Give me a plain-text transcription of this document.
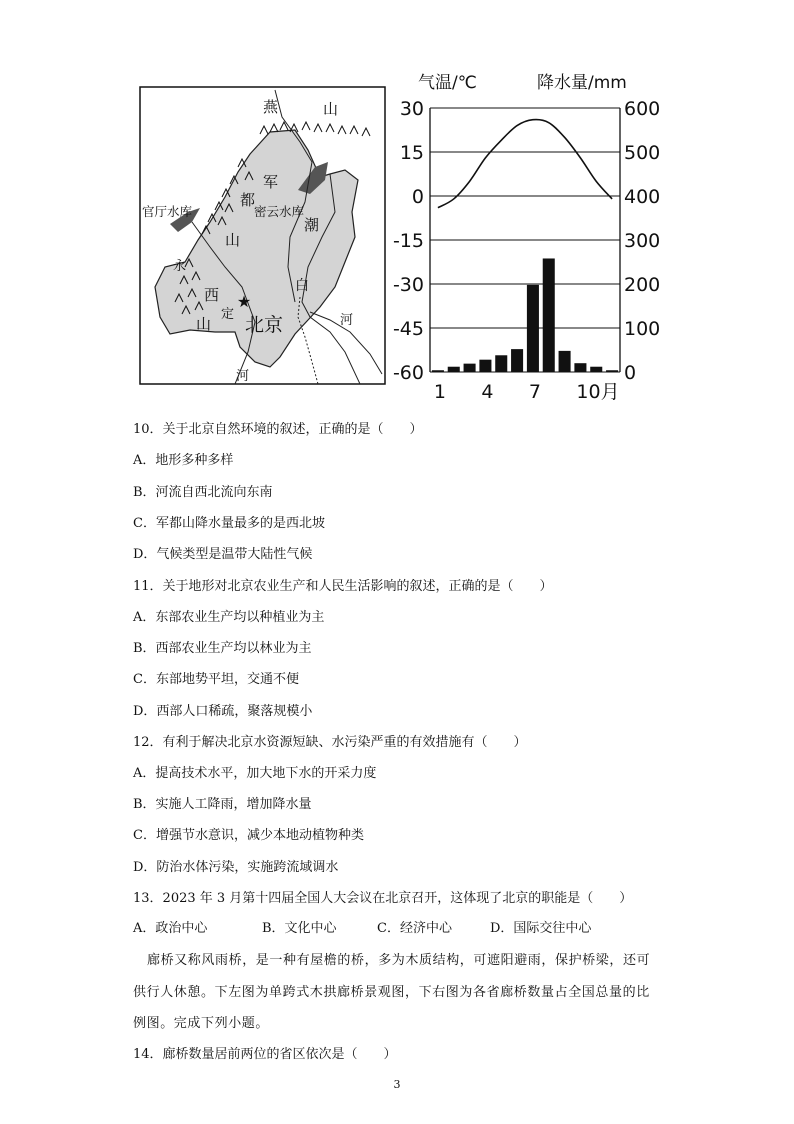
★
燕	山
军
都
山
官厅水库	密云水库
潮
永
西
定
山 北京
白
河
河
气温/℃	降水量/mm
30	600
15	500
0	400
-15	300
-30	200
-45	100
-60	0
1 4 7 10月
10．关于北京自然环境的叙述，正确的是（　　）
A．地形多种多样
B．河流自西北流向东南
C．军都山降水量最多的是西北坡
D．气候类型是温带大陆性气候
11．关于地形对北京农业生产和人民生活影响的叙述，正确的是（　　）
A．东部农业生产均以种植业为主
B．西部农业生产均以林业为主
C．东部地势平坦，交通不便
D．西部人口稀疏，聚落规模小
12．有利于解决北京水资源短缺、水污染严重的有效措施有（　　）
A．提高技术水平，加大地下水的开采力度
B．实施人工降雨，增加降水量
C．增强节水意识，减少本地动植物种类
D．防治水体污染，实施跨流域调水
13．2023 年 3 月第十四届全国人大会议在北京召开，这体现了北京的职能是（　　）
A．政治中心	B．文化中心	C．经济中心	D．国际交往中心
廊桥又称风雨桥，是一种有屋檐的桥，多为木质结构，可遮阳避雨，保护桥梁，还可
供行人休憩。下左图为单跨式木拱廊桥景观图，下右图为各省廊桥数量占全国总量的比
例图。完成下列小题。
14．廊桥数量居前两位的省区依次是（　　）
3
